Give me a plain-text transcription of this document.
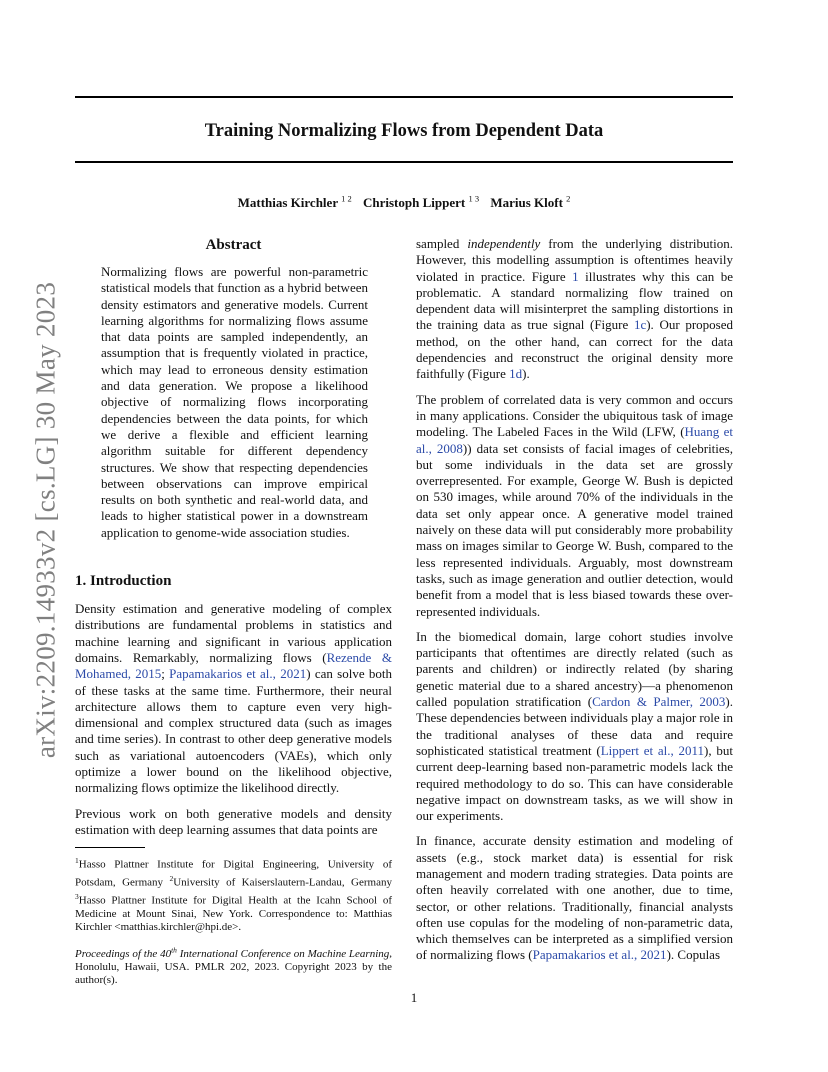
Training Normalizing Flows from Dependent Data
Matthias Kirchler $^{1 2}$ Christoph Lippert $^{1 3}$ Marius Kloft $^2$
arXiv:2209.14933v2 [cs.LG] 30 May 2023
Abstract

Normalizing flows are powerful non-parametric statistical models that function as a hybrid between density estimators and generative models. Current learning algorithms for normalizing flows assume that data points are sampled independently, an assumption that is frequently violated in practice, which may lead to erroneous density estimation and data generation. We propose a likelihood objective of normalizing flows incorporating dependencies between the data points, for which we derive a flexible and efficient learning algorithm suitable for different dependency structures. We show that respecting dependencies between observations can improve empirical results on both synthetic and real-world data, and leads to higher statistical power in a downstream application to genome-wide association studies.

1. Introduction

Density estimation and generative modeling of complex distributions are fundamental problems in statistics and machine learning and significant in various application domains. Remarkably, normalizing flows (Rezende & Mohamed, 2015; Papamakarios et al., 2021) can solve both of these tasks at the same time. Furthermore, their neural architecture allows them to capture even very high-dimensional and complex structured data (such as images and time series). In contrast to other deep generative models such as variational autoencoders (VAEs), which only optimize a lower bound on the likelihood objective, normalizing flows optimize the likelihood directly.

Previous work on both generative models and density estimation with deep learning assumes that data points are

$^1$Hasso Plattner Institute for Digital Engineering, University of Potsdam, Germany $^2$University of Kaiserslautern-Landau, Germany $^3$Hasso Plattner Institute for Digital Health at the Icahn School of Medicine at Mount Sinai, New York. Correspondence to: Matthias Kirchler <matthias.kirchler@hpi.de>.

Proceedings of the 40th International Conference on Machine Learning, Honolulu, Hawaii, USA. PMLR 202, 2023. Copyright 2023 by the author(s).

sampled independently from the underlying distribution. However, this modelling assumption is oftentimes heavily violated in practice. Figure 1 illustrates why this can be problematic. A standard normalizing flow trained on dependent data will misinterpret the sampling distortions in the training data as true signal (Figure 1c). Our proposed method, on the other hand, can correct for the data dependencies and reconstruct the original density more faithfully (Figure 1d).

The problem of correlated data is very common and occurs in many applications. Consider the ubiquitous task of image modeling. The Labeled Faces in the Wild (LFW, (Huang et al., 2008)) data set consists of facial images of celebrities, but some individuals in the data set are grossly overrepresented. For example, George W. Bush is depicted on 530 images, while around 70% of the individuals in the data set only appear once. A generative model trained naively on these data will put considerably more probability mass on images similar to George W. Bush, compared to the less represented individuals. Arguably, most downstream tasks, such as image generation and outlier detection, would benefit from a model that is less biased towards these over-represented individuals.

In the biomedical domain, large cohort studies involve participants that oftentimes are directly related (such as parents and children) or indirectly related (by sharing genetic material due to a shared ancestry)—a phenomenon called population stratification (Cardon & Palmer, 2003). These dependencies between individuals play a major role in the traditional analyses of these data and require sophisticated statistical treatment (Lippert et al., 2011), but current deep-learning based non-parametric models lack the required methodology to do so. This can have considerable negative impact on downstream tasks, as we will show in our experiments.

In finance, accurate density estimation and modeling of assets (e.g., stock market data) is essential for risk management and modern trading strategies. Data points are often heavily correlated with one another, due to time, sector, or other relations. Traditionally, financial analysts often use copulas for the modeling of non-parametric data, which themselves can be interpreted as a simplified version of normalizing flows (Papamakarios et al., 2021). Copulas

1
